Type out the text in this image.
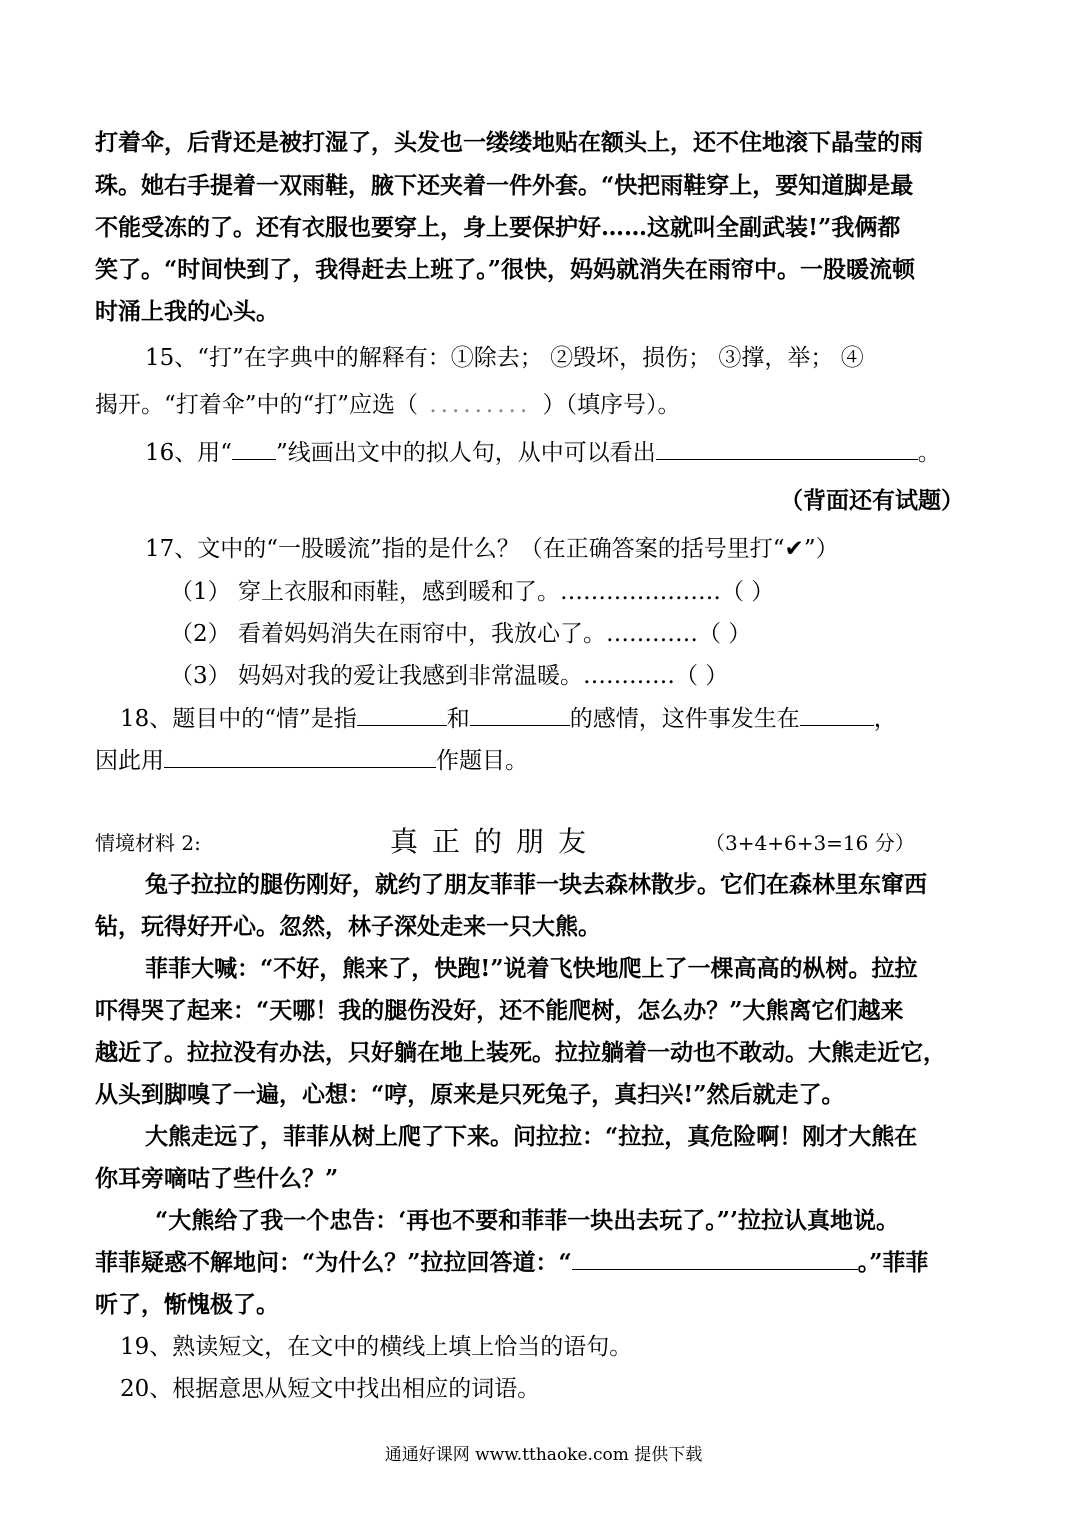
打着伞，后背还是被打湿了，头发也一缕缕地贴在额头上，还不住地滚下晶莹的雨
珠。她右手提着一双雨鞋，腋下还夹着一件外套。“快把雨鞋穿上，要知道脚是最
不能受冻的了。还有衣服也要穿上，身上要保护好……这就叫全副武装!”我俩都
笑了。“时间快到了，我得赶去上班了。”很快，妈妈就消失在雨帘中。一股暖流顿
时涌上我的心头。
15、“打”在字典中的解释有：①除去； ②毁坏，损伤； ③撑，举； ④
揭开。“打着伞”中的“打”应选（ ......... ）（填序号）。
16、用“ ”线画出文中的拟人句，从中可以看出	。
（背面还有试题）
17、文中的“一股暖流”指的是什么？（在正确答案的括号里打“✔”）
（1） 穿上衣服和雨鞋，感到暖和了。…………………（ ）
（2） 看着妈妈消失在雨帘中，我放心了。…………（ ）
（3） 妈妈对我的爱让我感到非常温暖。…………（ ）
18、题目中的“情”是指	和	的感情，这件事发生在	，
因此用	作题目。
情境材料 2:	真正的朋友	（3+4+6+3=16 分）
兔子拉拉的腿伤刚好，就约了朋友菲菲一块去森林散步。它们在森林里东窜西
钻，玩得好开心。忽然，林子深处走来一只大熊。
菲菲大喊：“不好，熊来了，快跑!”说着飞快地爬上了一棵高高的枞树。拉拉
吓得哭了起来：“天哪！我的腿伤没好，还不能爬树，怎么办？”大熊离它们越来
越近了。拉拉没有办法，只好躺在地上装死。拉拉躺着一动也不敢动。大熊走近它，
从头到脚嗅了一遍，心想：“哼，原来是只死兔子，真扫兴!”然后就走了。
大熊走远了，菲菲从树上爬了下来。问拉拉：“拉拉，真危险啊！刚才大熊在
你耳旁嘀咕了些什么？”
“大熊给了我一个忠告：‘再也不要和菲菲一块出去玩了。”’拉拉认真地说。
菲菲疑惑不解地问：“为什么？”拉拉回答道：“	。”菲菲
听了，惭愧极了。
19、熟读短文，在文中的横线上填上恰当的语句。
20、根据意思从短文中找出相应的词语。
通通好课网 www.tthaoke.com 提供下载
